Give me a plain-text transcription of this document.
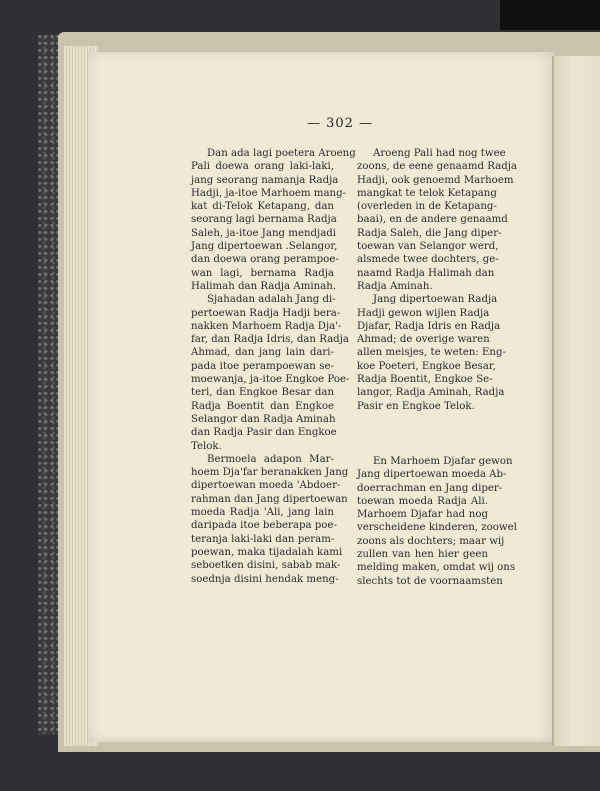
— 302 —
Dan ada lagi poetera Aroeng
Pali doewa orang laki-laki,
jang seorang namanja Radja
Hadji, ja-itoe Marhoem mang-
kat di-Telok Ketapang, dan
seorang lagi bernama Radja
Saleh, ja-itoe Jang mendjadi
Jang dipertoewan .Selangor,
dan doewa orang perampoe-
wan lagi, bernama Radja
Halimah dan Radja Aminah.
Sjahadan adalah Jang di-
pertoewan Radja Hadji bera-
nakken Marhoem Radja Dja'-
far, dan Radja Idris, dan Radja
Ahmad, dan jang lain dari-
pada itoe perampoewan se-
moewanja, ja-itoe Engkoe Poe-
teri, dan Engkoe Besar dan
Radja Boentit dan Engkoe
Selangor dan Radja Aminah
dan Radja Pasir dan Engkoe
Telok.
Bermoela adapon Mar-
hoem Dja'far beranakken Jang
dipertoewan moeda 'Abdoer-
rahman dan Jang dipertoewan
moeda Radja 'Ali, jang lain
daripada itoe beberapa poe-
teranja laki-laki dan peram-
poewan, maka tijadalah kami
seboetken disini, sabab mak-
soednja disini hendak meng-
Aroeng Pali had nog twee
zoons, de eene genaamd Radja
Hadji, ook genoemd Marhoem
mangkat te telok Ketapang
(overleden in de Ketapang-
baai), en de andere genaamd
Radja Saleh, die Jang diper-
toewan van Selangor werd,
alsmede twee dochters, ge-
naamd Radja Halimah dan
Radja Aminah.
Jang dipertoewan Radja
Hadji gewon wijlen Radja
Djafar, Radja Idris en Radja
Ahmad; de overige waren
allen meisjes, te weten: Eng-
koe Poeteri, Engkoe Besar,
Radja Boentit, Engkoe Se-
langor, Radja Aminah, Radja
Pasir en Engkoe Telok.
En Marhoem Djafar gewon
Jang dipertoewan moeda Ab-
doerrachman en Jang diper-
toewan moeda Radja Ali.
Marhoem Djafar had nog
verscheidene kinderen, zoowel
zoons als dochters; maar wij
zullen van hen hier geen
melding maken, omdat wij ons
slechts tot de voornaamsten
